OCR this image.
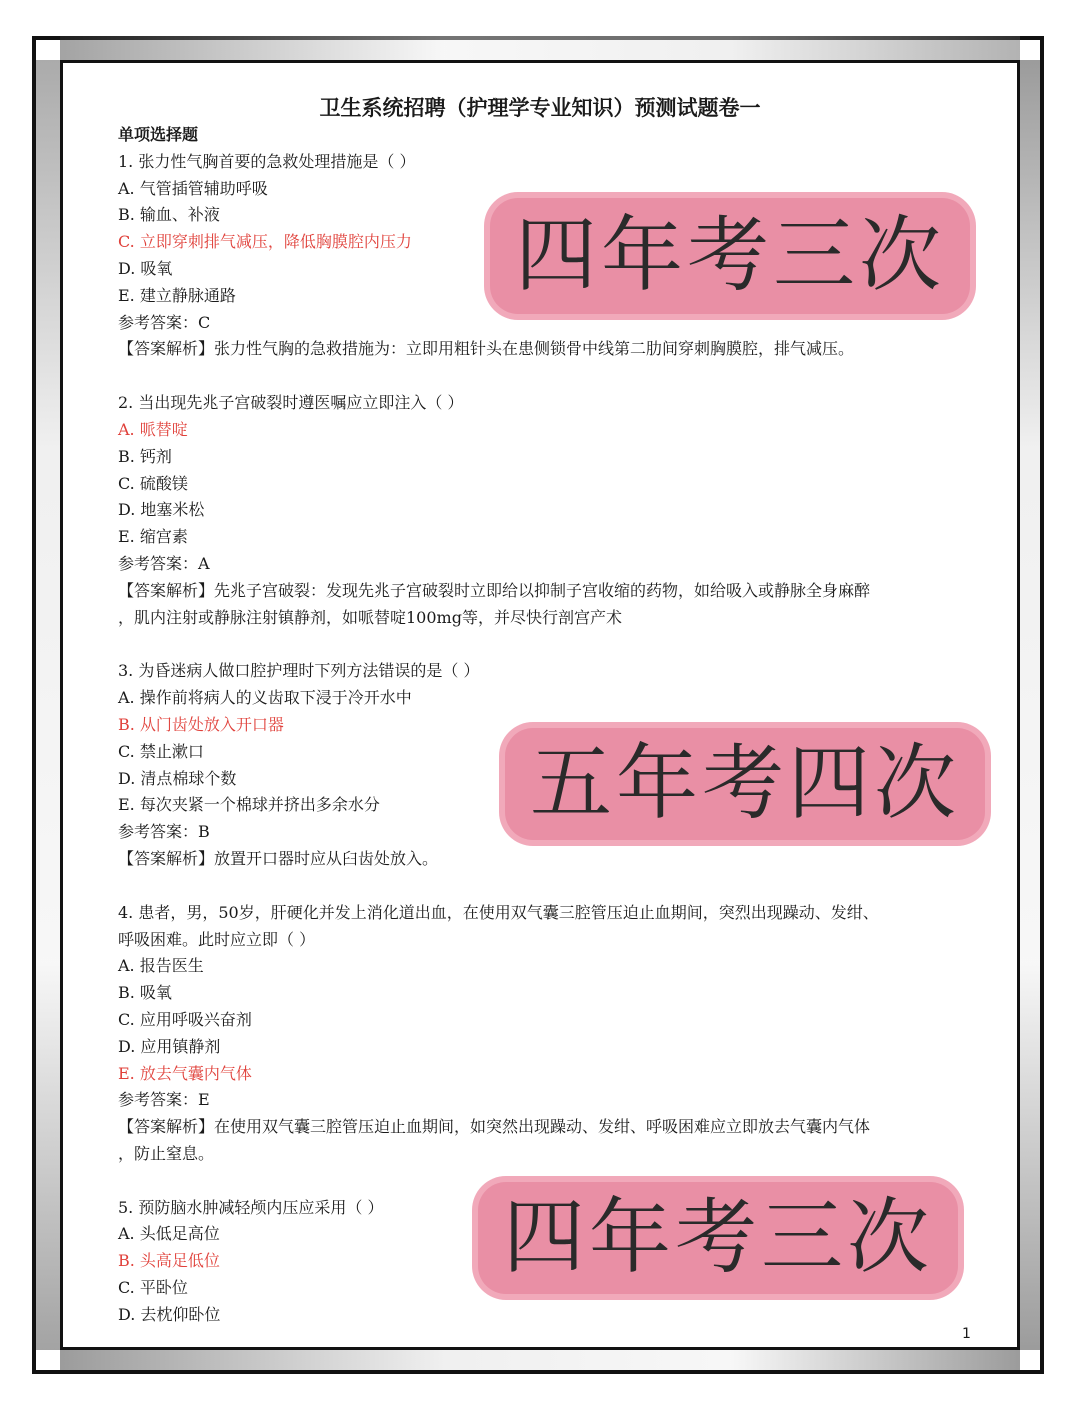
卫生系统招聘（护理学专业知识）预测试题卷一
单项选择题
1. 张力性气胸首要的急救处理措施是（ ）
A. 气管插管辅助呼吸
B. 输血、补液
C. 立即穿刺排气减压，降低胸膜腔内压力
D. 吸氧
E. 建立静脉通路
参考答案：C
【答案解析】张力性气胸的急救措施为：立即用粗针头在患侧锁骨中线第二肋间穿刺胸膜腔，排气减压。
2. 当出现先兆子宫破裂时遵医嘱应立即注入（ ）
A. 哌替啶
B. 钙剂
C. 硫酸镁
D. 地塞米松
E. 缩宫素
参考答案：A
【答案解析】先兆子宫破裂：发现先兆子宫破裂时立即给以抑制子宫收缩的药物，如给吸入或静脉全身麻醉
，肌内注射或静脉注射镇静剂，如哌替啶100mg等，并尽快行剖宫产术
3. 为昏迷病人做口腔护理时下列方法错误的是（ ）
A. 操作前将病人的义齿取下浸于冷开水中
B. 从门齿处放入开口器
C. 禁止漱口
D. 清点棉球个数
E. 每次夹紧一个棉球并挤出多余水分
参考答案：B
【答案解析】放置开口器时应从臼齿处放入。
4. 患者，男，50岁，肝硬化并发上消化道出血，在使用双气囊三腔管压迫止血期间，突烈出现躁动、发绀、
呼吸困难。此时应立即（ ）
A. 报告医生
B. 吸氧
C. 应用呼吸兴奋剂
D. 应用镇静剂
E. 放去气囊内气体
参考答案：E
【答案解析】在使用双气囊三腔管压迫止血期间，如突然出现躁动、发绀、呼吸困难应立即放去气囊内气体
，防止窒息。
5. 预防脑水肿减轻颅内压应采用（ ）
A. 头低足高位
B. 头高足低位
C. 平卧位
D. 去枕仰卧位
四年考三次
五年考四次
四年考三次
1
